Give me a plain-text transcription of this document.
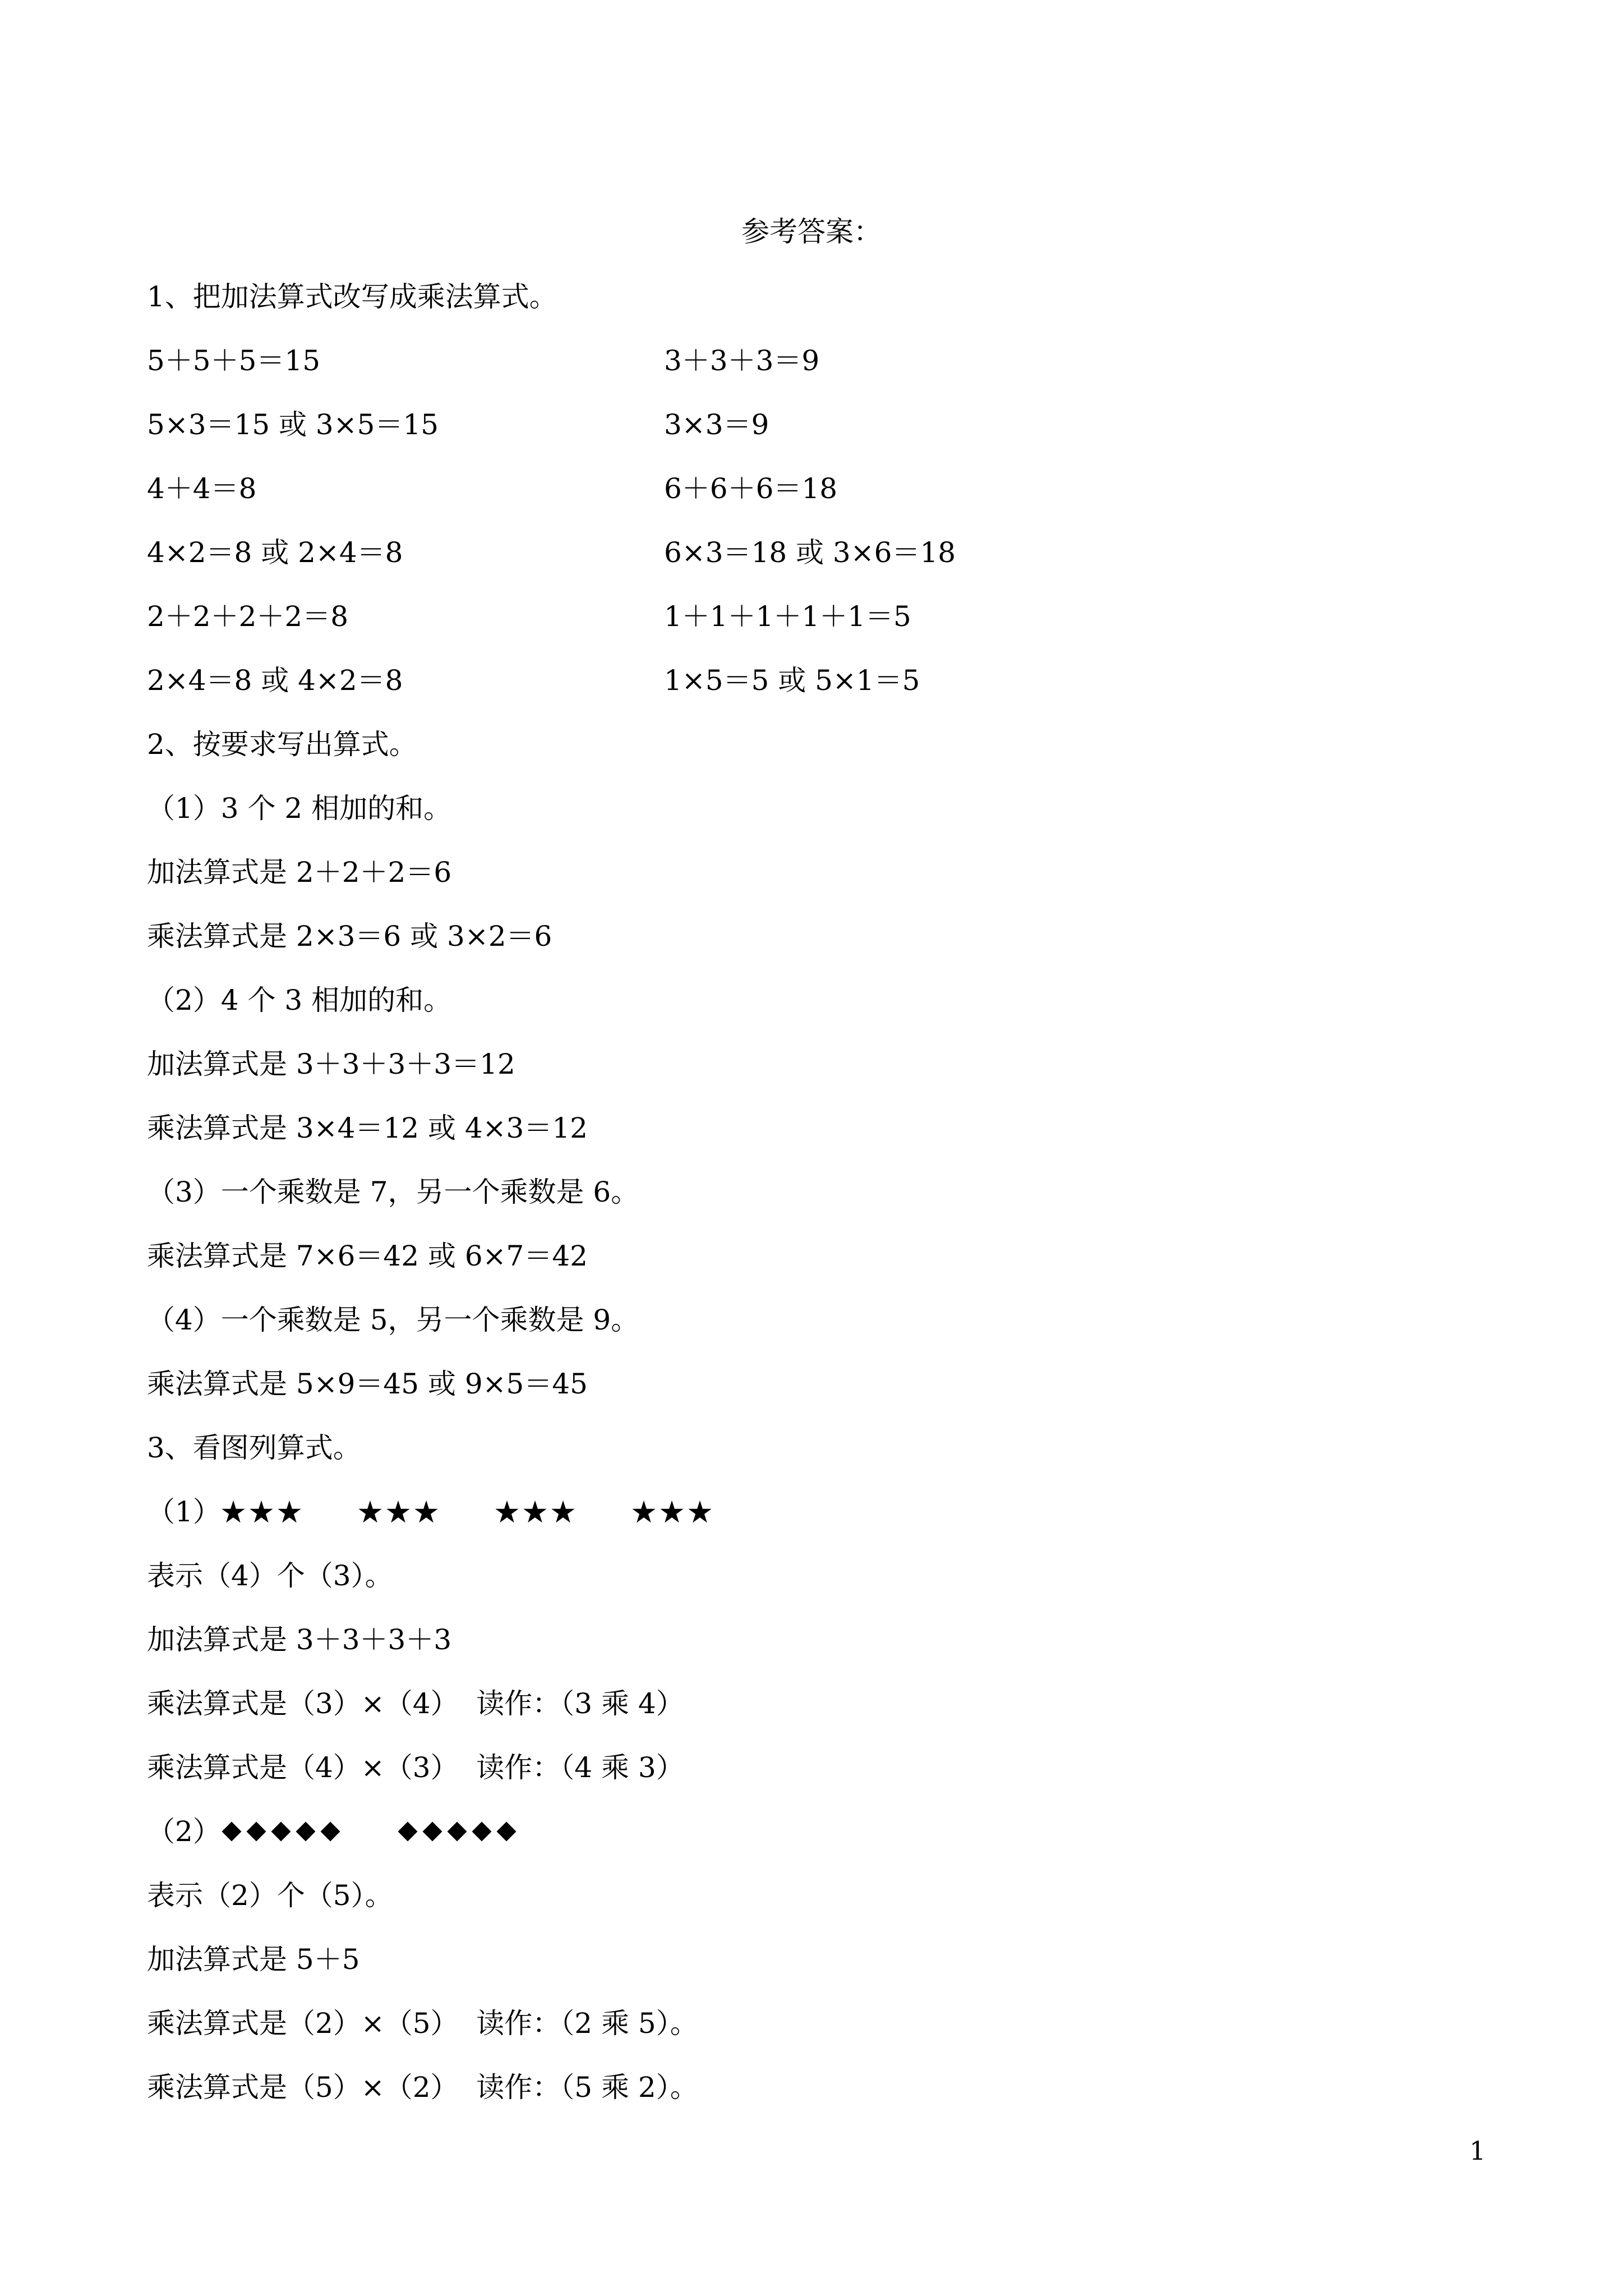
参考答案：
1、把加法算式改写成乘法算式。
5＋5＋5＝15	3＋3＋3＝9
5×3＝15 或 3×5＝15	3×3＝9
4＋4＝8	6＋6＋6＝18
4×2＝8 或 2×4＝8	6×3＝18 或 3×6＝18
2＋2＋2＋2＝8	1＋1＋1＋1＋1＝5
2×4＝8 或 4×2＝8	1×5＝5 或 5×1＝5
2、按要求写出算式。
（1）3 个 2 相加的和。
加法算式是 2＋2＋2＝6
乘法算式是 2×3＝6 或 3×2＝6
（2）4 个 3 相加的和。
加法算式是 3＋3＋3＋3＝12
乘法算式是 3×4＝12 或 4×3＝12
（3）一个乘数是 7，另一个乘数是 6。
乘法算式是 7×6＝42 或 6×7＝42
（4）一个乘数是 5，另一个乘数是 9。
乘法算式是 5×9＝45 或 9×5＝45
3、看图列算式。
（1）
表示（4）个（3）。
加法算式是 3＋3＋3＋3
乘法算式是（3）×（4）  读作：（3 乘 4）
乘法算式是（4）×（3）  读作：（4 乘 3）
（2）
表示（2）个（5）。
加法算式是 5＋5
乘法算式是（2）×（5）  读作：（2 乘 5）。
乘法算式是（5）×（2）  读作：（5 乘 2）。
1
